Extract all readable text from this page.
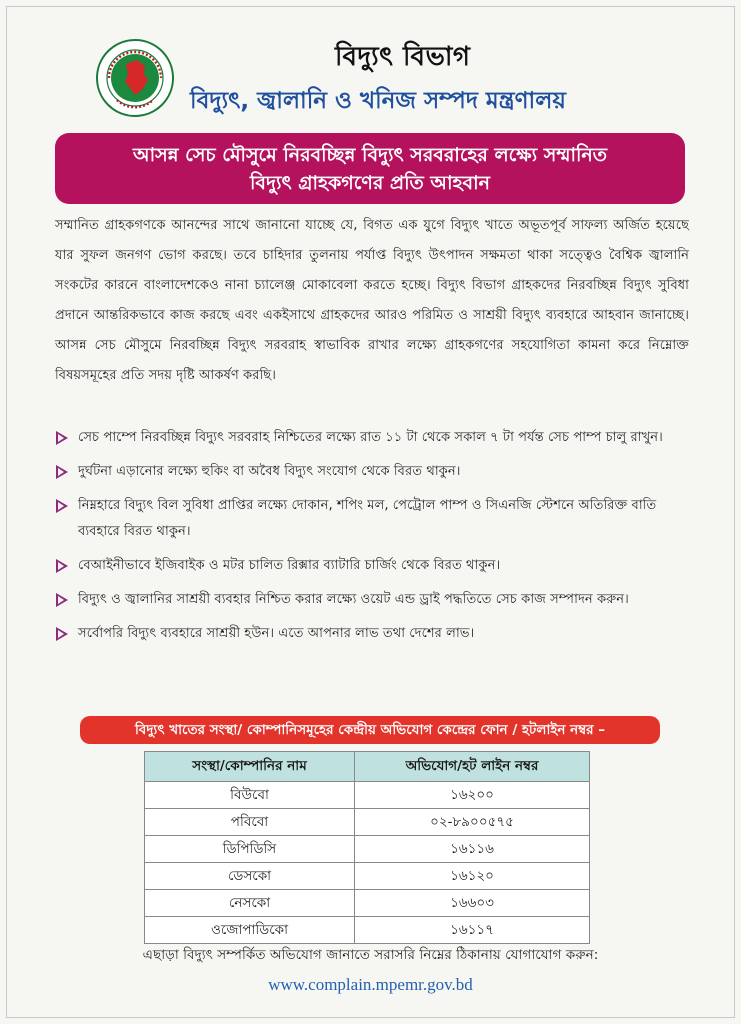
বিদ্যুৎ বিভাগ
বিদ্যুৎ, জ্বালানি ও খনিজ সম্পদ মন্ত্রণালয়
আসন্ন সেচ মৌসুমে নিরবচ্ছিন্ন বিদ্যুৎ সরবরাহের লক্ষ্যে সম্মানিত
বিদ্যুৎ গ্রাহকগণের প্রতি আহবান
সম্মানিত গ্রাহকগণকে আনন্দের সাথে জানানো যাচ্ছে যে, বিগত এক যুগে বিদ্যুৎ খাতে অভূতপূর্ব সাফল্য অর্জিত হয়েছে যার সুফল জনগণ ভোগ করছে। তবে চাহিদার তুলনায় পর্যাপ্ত বিদ্যুৎ উৎপাদন সক্ষমতা থাকা সত্ত্বেও বৈশ্বিক জ্বালানি সংকটের কারনে বাংলাদেশকেও নানা চ্যালেঞ্জ মোকাবেলা করতে হচ্ছে। বিদ্যুৎ বিভাগ গ্রাহকদের নিরবচ্ছিন্ন বিদ্যুৎ সুবিধা প্রদানে আন্তরিকভাবে কাজ করছে এবং একইসাথে গ্রাহকদের আরও পরিমিত ও সাশ্রয়ী বিদ্যুৎ ব্যবহারে আহবান জানাচ্ছে। আসন্ন সেচ মৌসুমে নিরবচ্ছিন্ন বিদ্যুৎ সরবরাহ স্বাভাবিক রাখার লক্ষ্যে গ্রাহকগণের সহযোগিতা কামনা করে নিম্নোক্ত বিষয়সমূহের প্রতি সদয় দৃষ্টি আকর্ষণ করছি।
সেচ পাম্পে নিরবচ্ছিন্ন বিদ্যুৎ সরবরাহ নিশ্চিতের লক্ষ্যে রাত ১১ টা থেকে সকাল ৭ টা পর্যন্ত সেচ পাম্প চালু রাখুন।
দুর্ঘটনা এড়ানোর লক্ষ্যে হুকিং বা অবৈধ বিদ্যুৎ সংযোগ থেকে বিরত থাকুন।
নিম্নহারে বিদ্যুৎ বিল সুবিধা প্রাপ্তির লক্ষ্যে দোকান, শপিং মল, পেট্রোল পাম্প ও সিএনজি স্টেশনে অতিরিক্ত বাতি ব্যবহারে বিরত থাকুন।
বেআইনীভাবে ইজিবাইক ও মটর চালিত রিক্সার ব্যাটারি চার্জিং থেকে বিরত থাকুন।
বিদ্যুৎ ও জ্বালানির সাশ্রয়ী ব্যবহার নিশ্চিত করার লক্ষ্যে ওয়েট এন্ড ড্রাই পদ্ধতিতে সেচ কাজ সম্পাদন করুন।
সর্বোপরি বিদ্যুৎ ব্যবহারে সাশ্রয়ী হউন। এতে আপনার লাভ তথা দেশের লাভ।
বিদ্যুৎ খাতের সংস্থা/ কোম্পানিসমূহের কেন্দ্রীয় অভিযোগ কেন্দ্রের ফোন / হটলাইন নম্বর –
সংস্থা/কোম্পানির নাম	অভিযোগ/হট লাইন নম্বর
বিউবো	১৬২০০
পবিবো	০২-৮৯০০৫৭৫
ডিপিডিসি	১৬১১৬
ডেসকো	১৬১২০
নেসকো	১৬৬০৩
ওজোপাডিকো	১৬১১৭
এছাড়া বিদ্যুৎ সম্পর্কিত অভিযোগ জানাতে সরাসরি নিম্নের ঠিকানায় যোগাযোগ করুন:
www.complain.mpemr.gov.bd
